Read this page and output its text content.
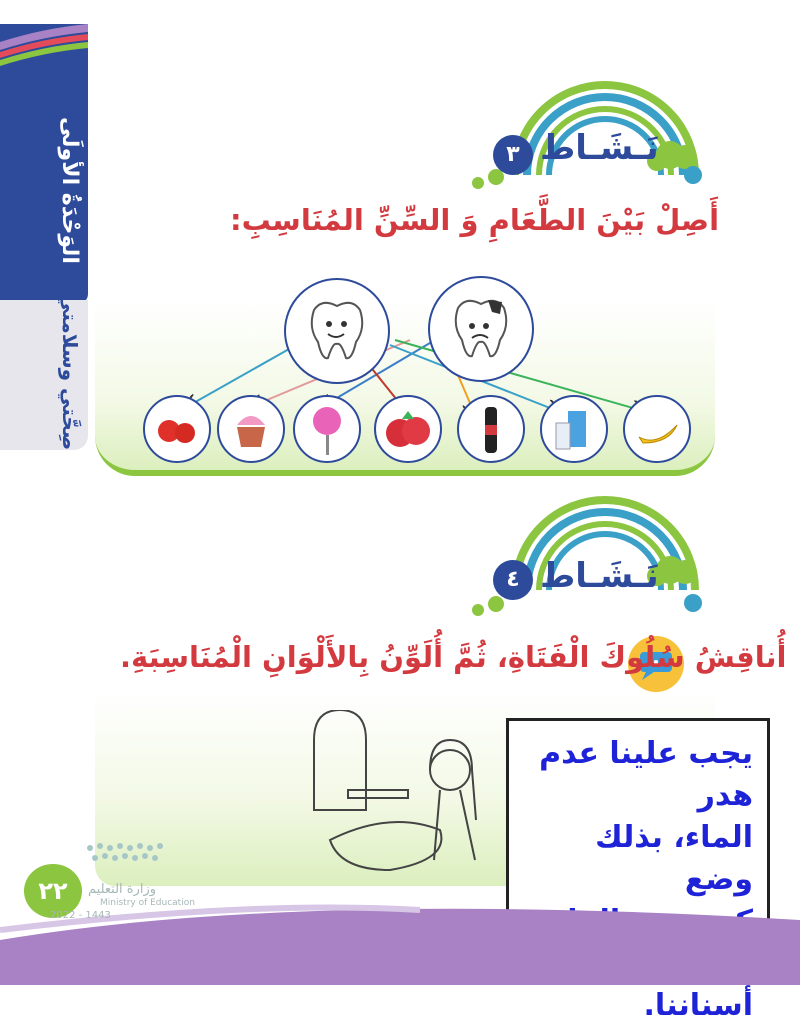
الوَحْدَةُ الأولَى
صِحَّتي وسلامتي
نَـشَـاط
٣
أَصِلْ بَيْنَ الطَّعَامِ وَ السِّنِّ المُنَاسِبِ:
نَـشَـاط
٤
أُناقِشُ سُلُوكَ الْفَتَاةِ، ثُمَّ أُلَوِّنُ بِالأَلْوَانِ الْمُنَاسِبَةِ.
يجب علينا عدم هدر
الماء، بذلك وضع
أسناننا.
٢٢	وزارة التعليم
Ministry of Education
2022 - 1443
